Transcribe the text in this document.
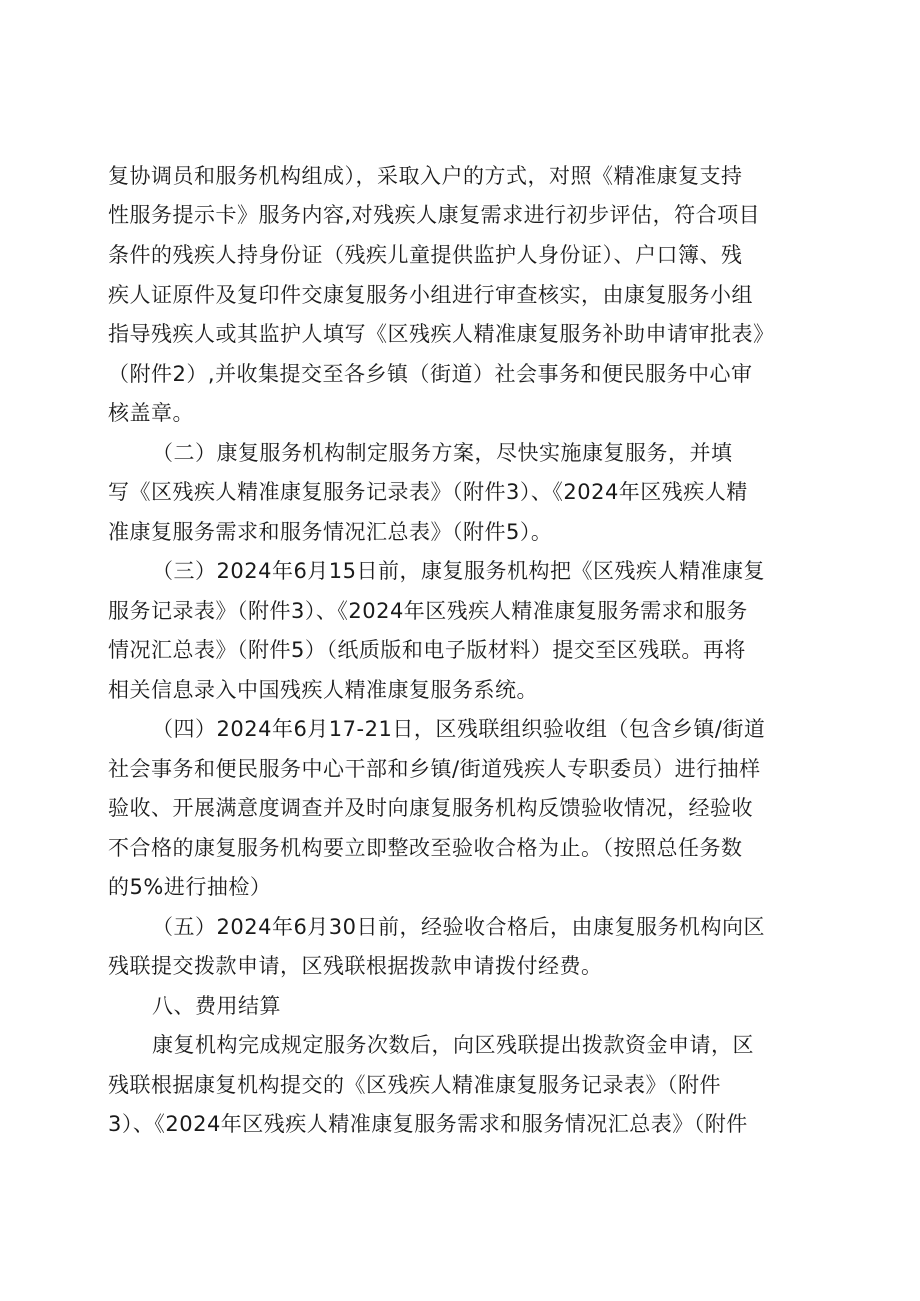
复协调员和服务机构组成），采取入户的方式，对照《精准康复支持
性服务提示卡》服务内容,对残疾人康复需求进行初步评估，符合项目
条件的残疾人持身份证（残疾儿童提供监护人身份证）、户口簿、残
疾人证原件及复印件交康复服务小组进行审查核实，由康复服务小组
指导残疾人或其监护人填写《区残疾人精准康复服务补助申请审批表》
（附件2）,并收集提交至各乡镇（街道）社会事务和便民服务中心审
核盖章。
（二）康复服务机构制定服务方案，尽快实施康复服务，并填
写《区残疾人精准康复服务记录表》（附件3）、《2024年区残疾人精
准康复服务需求和服务情况汇总表》（附件5）。
（三）2024年6月15日前，康复服务机构把《区残疾人精准康复
服务记录表》（附件3）、《2024年区残疾人精准康复服务需求和服务
情况汇总表》（附件5）（纸质版和电子版材料）提交至区残联。再将
相关信息录入中国残疾人精准康复服务系统。
（四）2024年6月17-21日，区残联组织验收组（包含乡镇/街道
社会事务和便民服务中心干部和乡镇/街道残疾人专职委员）进行抽样
验收、开展满意度调查并及时向康复服务机构反馈验收情况，经验收
不合格的康复服务机构要立即整改至验收合格为止。（按照总任务数
的5%进行抽检）
（五）2024年6月30日前，经验收合格后，由康复服务机构向区
残联提交拨款申请，区残联根据拨款申请拨付经费。
八、费用结算
康复机构完成规定服务次数后，向区残联提出拨款资金申请，区
残联根据康复机构提交的《区残疾人精准康复服务记录表》（附件
3）、《2024年区残疾人精准康复服务需求和服务情况汇总表》（附件
